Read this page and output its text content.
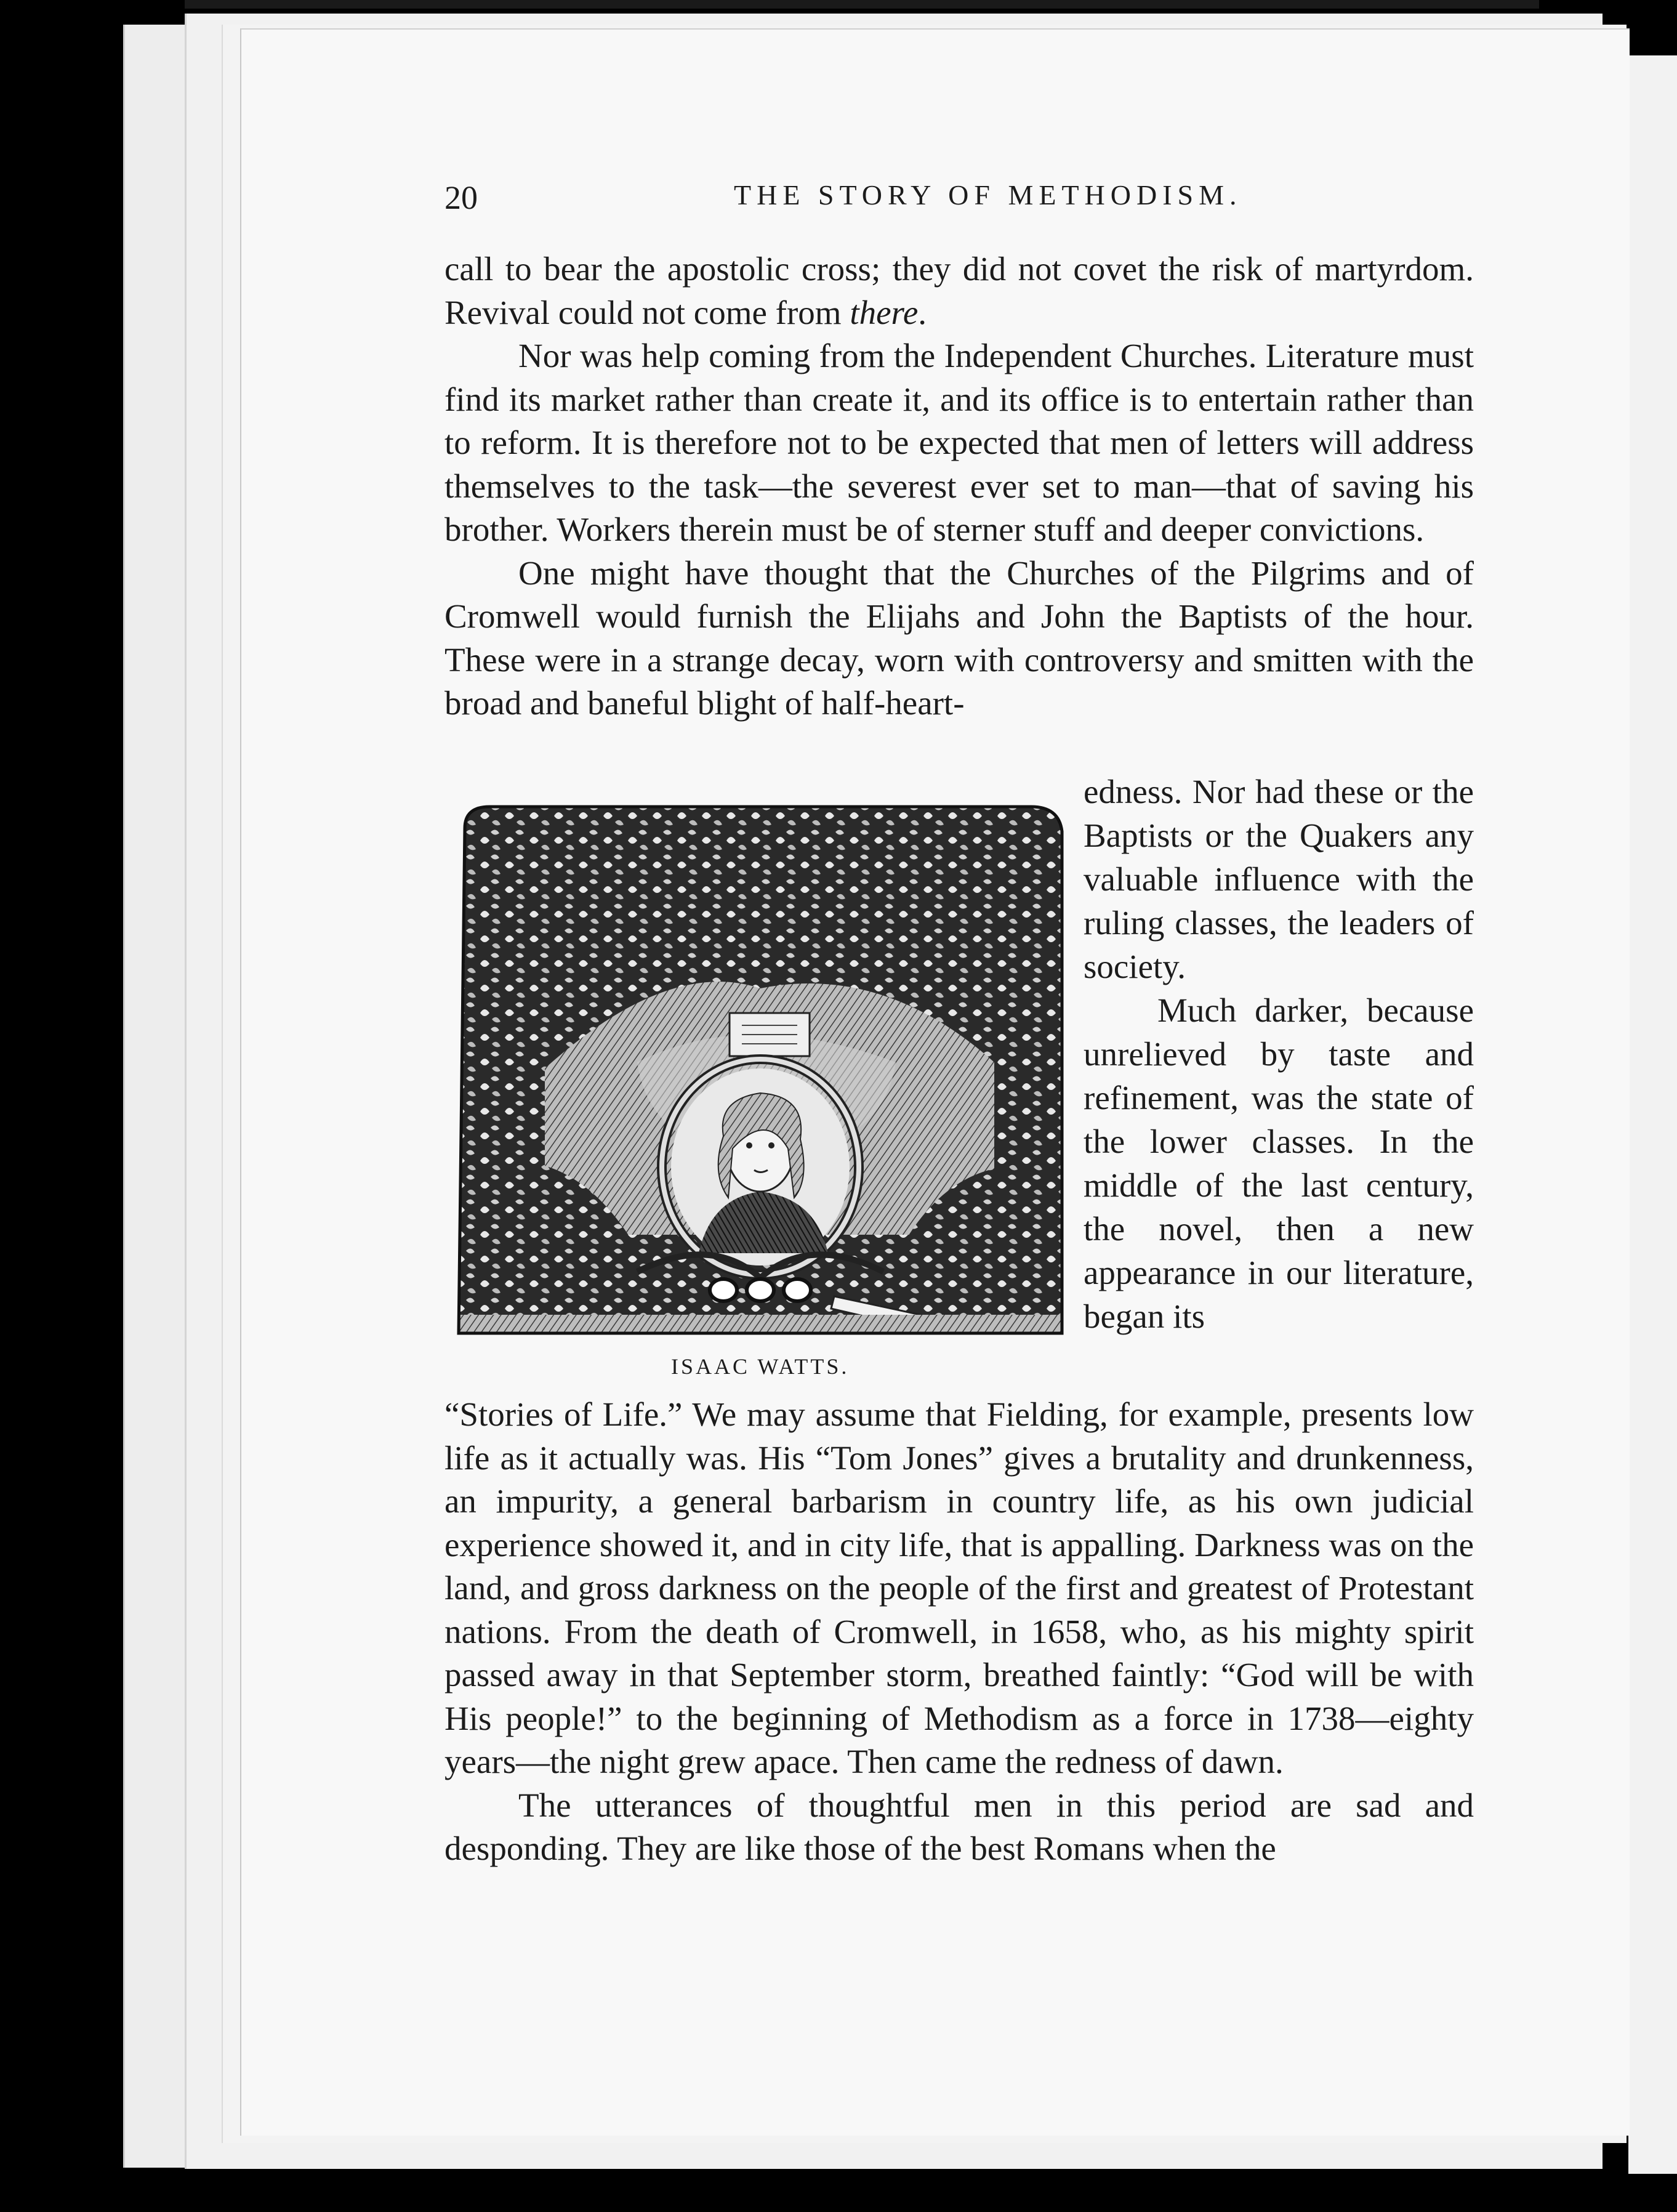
20	THE STORY OF METHODISM.

call to bear the apostolic cross; they did not covet the risk of martyrdom. Revival could not come from there.

Nor was help coming from the Independent Churches. Literature must find its market rather than create it, and its office is to entertain rather than to reform. It is therefore not to be expected that men of letters will address themselves to the task—the severest ever set to man—that of saving his brother. Workers therein must be of sterner stuff and deeper convictions.

One might have thought that the Churches of the Pilgrims and of Cromwell would furnish the Elijahs and John the Baptists of the hour. These were in a strange decay, worn with controversy and smitten with the broad and baneful blight of half-heart-

edness. Nor had these or the Baptists or the Quakers any valuable influence with the ruling classes, the leaders of society.

Much darker, because unrelieved by taste and refinement, was the state of the lower classes. In the middle of the last century, the novel, then a new appearance in our literature, began its

ISAAC WATTS.

“Stories of Life.” We may assume that Fielding, for example, presents low life as it actually was. His “Tom Jones” gives a brutality and drunkenness, an impurity, a general barbarism in country life, as his own judicial experience showed it, and in city life, that is appalling. Darkness was on the land, and gross darkness on the people of the first and greatest of Protestant nations. From the death of Cromwell, in 1658, who, as his mighty spirit passed away in that September storm, breathed faintly: “God will be with His people!” to the beginning of Methodism as a force in 1738—eighty years—the night grew apace. Then came the redness of dawn.

The utterances of thoughtful men in this period are sad and desponding. They are like those of the best Romans when the
